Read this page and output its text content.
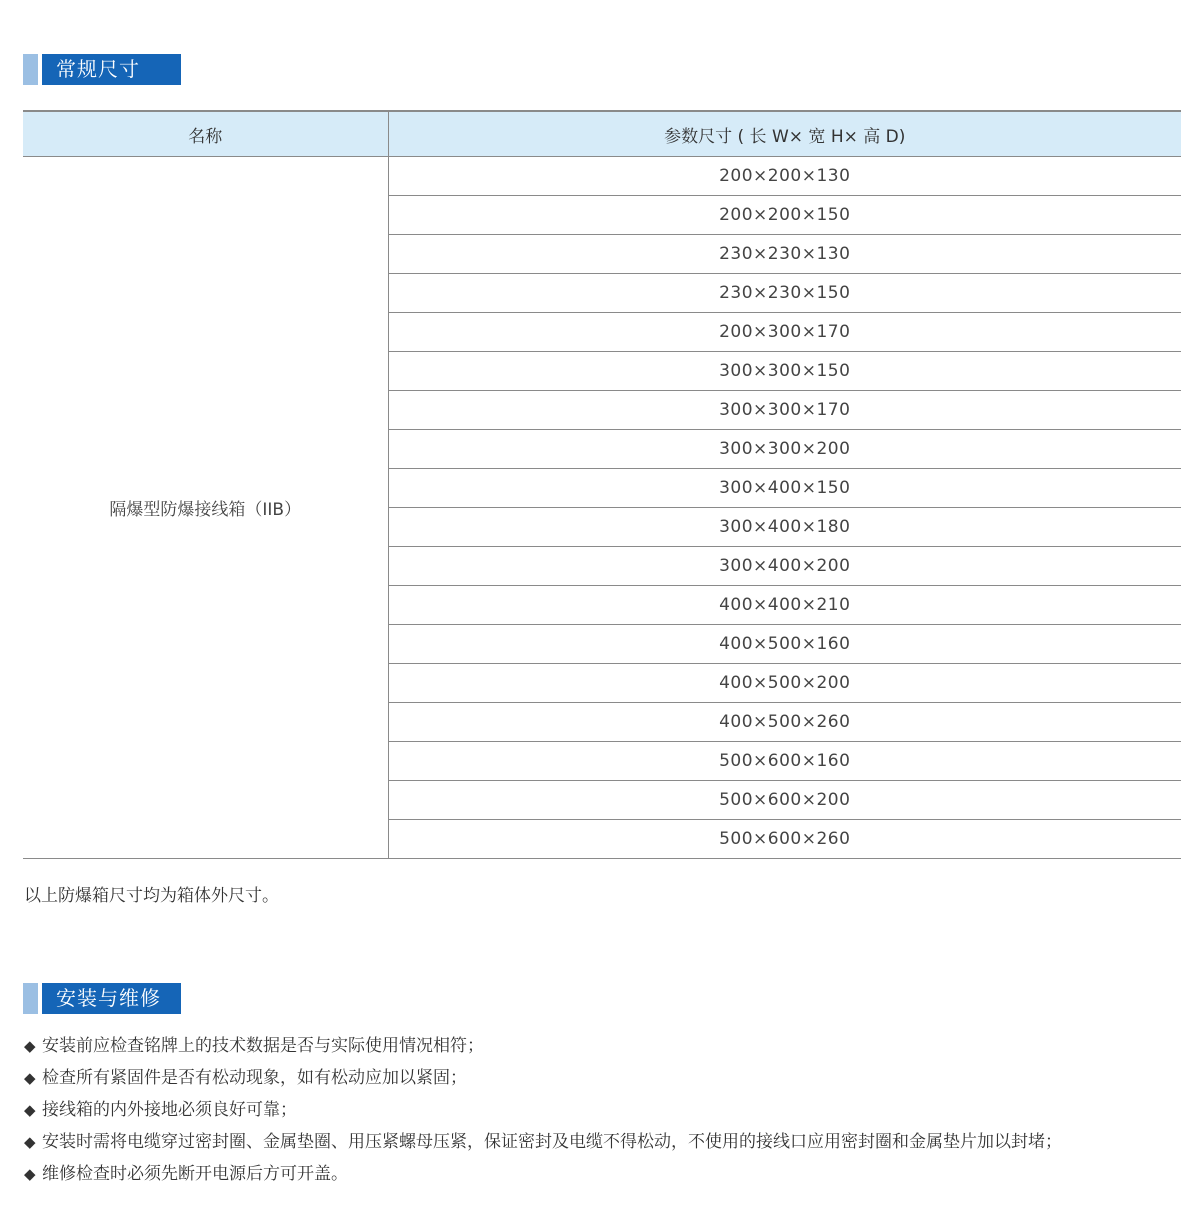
常规尺寸
名称	参数尺寸 ( 长 W× 宽 H× 高 D)
隔爆型防爆接线箱（IIB）	200×200×130
	200×200×150
	230×230×130
	230×230×150
	200×300×170
	300×300×150
	300×300×170
	300×300×200
	300×400×150
	300×400×180
	300×400×200
	400×400×210
	400×500×160
	400×500×200
	400×500×260
	500×600×160
	500×600×200
	500×600×260
以上防爆箱尺寸均为箱体外尺寸。
安装与维修
◆ 安装前应检查铭牌上的技术数据是否与实际使用情况相符；
◆ 检查所有紧固件是否有松动现象，如有松动应加以紧固；
◆ 接线箱的内外接地必须良好可靠；
◆ 安装时需将电缆穿过密封圈、金属垫圈、用压紧螺母压紧，保证密封及电缆不得松动，不使用的接线口应用密封圈和金属垫片加以封堵；
◆ 维修检查时必须先断开电源后方可开盖。
